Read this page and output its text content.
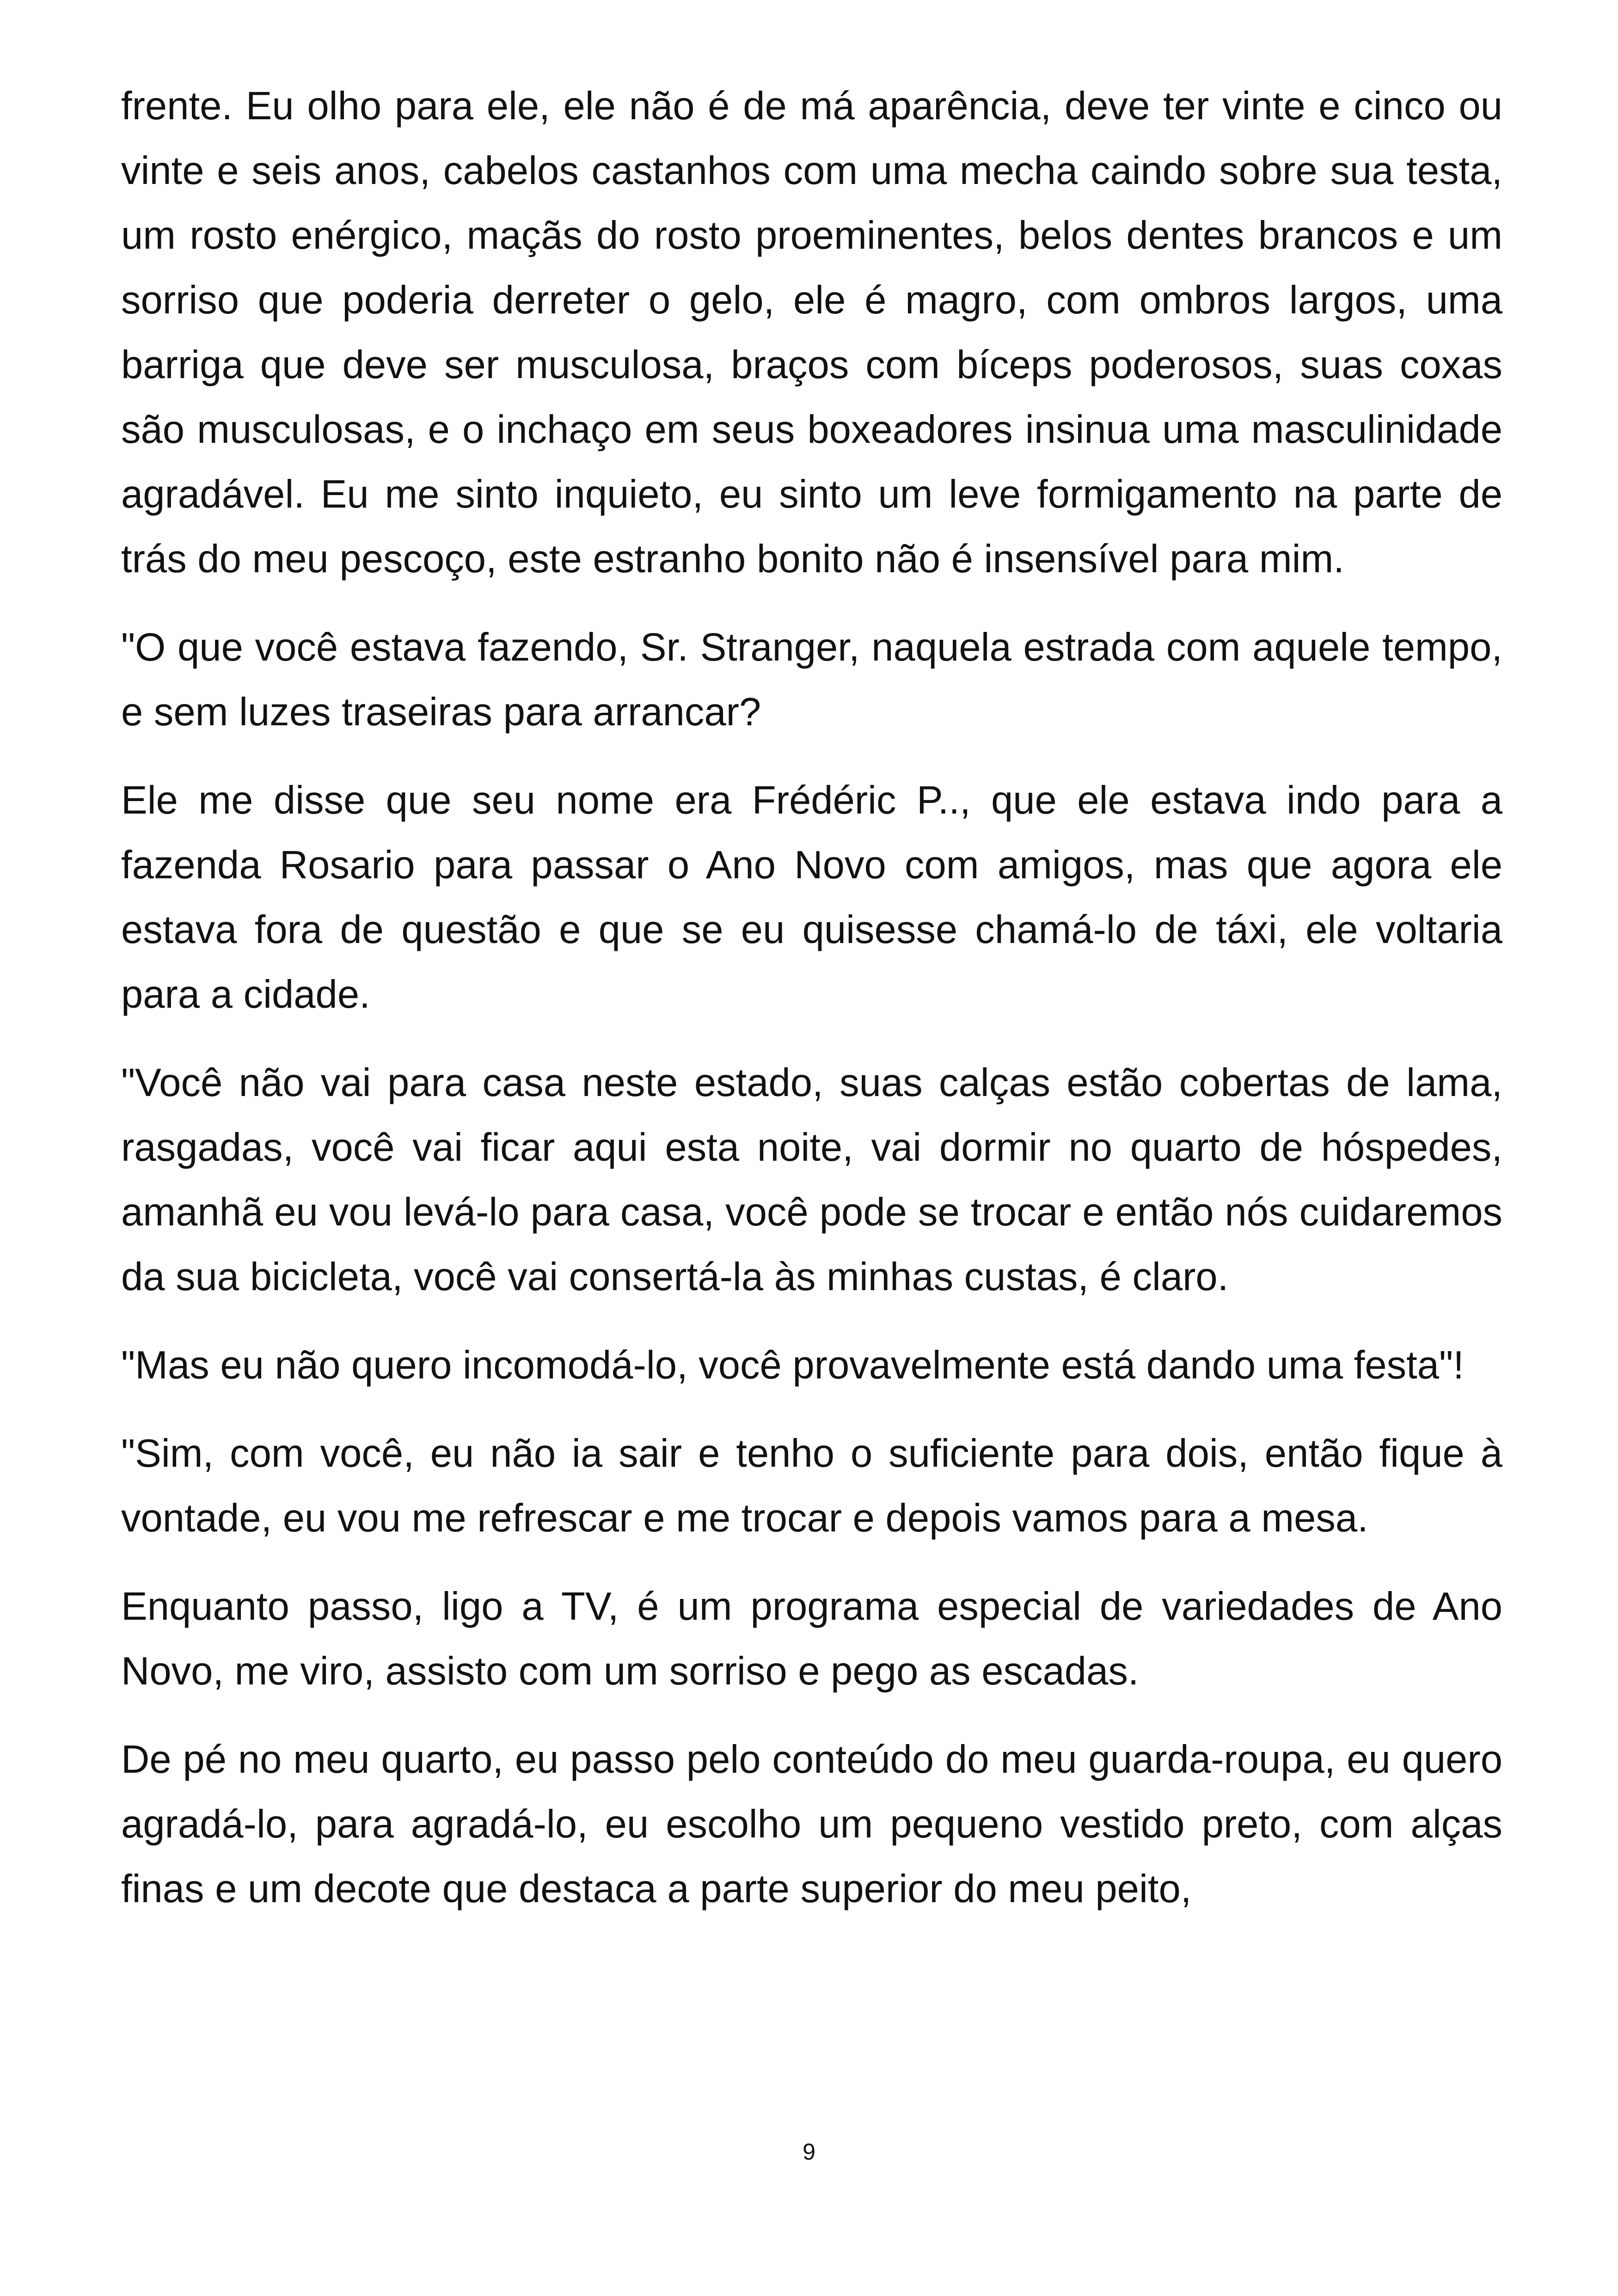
frente. Eu olho para ele, ele não é de má aparência, deve ter vinte e cinco ou vinte e seis anos, cabelos castanhos com uma mecha caindo sobre sua testa, um rosto enérgico, maçãs do rosto proeminentes, belos dentes brancos e um sorriso que poderia derreter o gelo, ele é magro, com ombros largos, uma barriga que deve ser musculosa, braços com bíceps poderosos, suas coxas são musculosas, e o inchaço em seus boxeadores insinua uma masculinidade agradável. Eu me sinto inquieto, eu sinto um leve formigamento na parte de trás do meu pescoço, este estranho bonito não é insensível para mim.

"O que você estava fazendo, Sr. Stranger, naquela estrada com aquele tempo, e sem luzes traseiras para arrancar?

Ele me disse que seu nome era Frédéric P.., que ele estava indo para a fazenda Rosario para passar o Ano Novo com amigos, mas que agora ele estava fora de questão e que se eu quisesse chamá-lo de táxi, ele voltaria para a cidade.

"Você não vai para casa neste estado, suas calças estão cobertas de lama, rasgadas, você vai ficar aqui esta noite, vai dormir no quarto de hóspedes, amanhã eu vou levá-lo para casa, você pode se trocar e então nós cuidaremos da sua bicicleta, você vai consertá-la às minhas custas, é claro.

"Mas eu não quero incomodá-lo, você provavelmente está dando uma festa"!

"Sim, com você, eu não ia sair e tenho o suficiente para dois, então fique à vontade, eu vou me refrescar e me trocar e depois vamos para a mesa.

Enquanto passo, ligo a TV, é um programa especial de variedades de Ano Novo, me viro, assisto com um sorriso e pego as escadas.

De pé no meu quarto, eu passo pelo conteúdo do meu guarda-roupa, eu quero agradá-lo, para agradá-lo, eu escolho um pequeno vestido preto, com alças finas e um decote que destaca a parte superior do meu peito,

9
